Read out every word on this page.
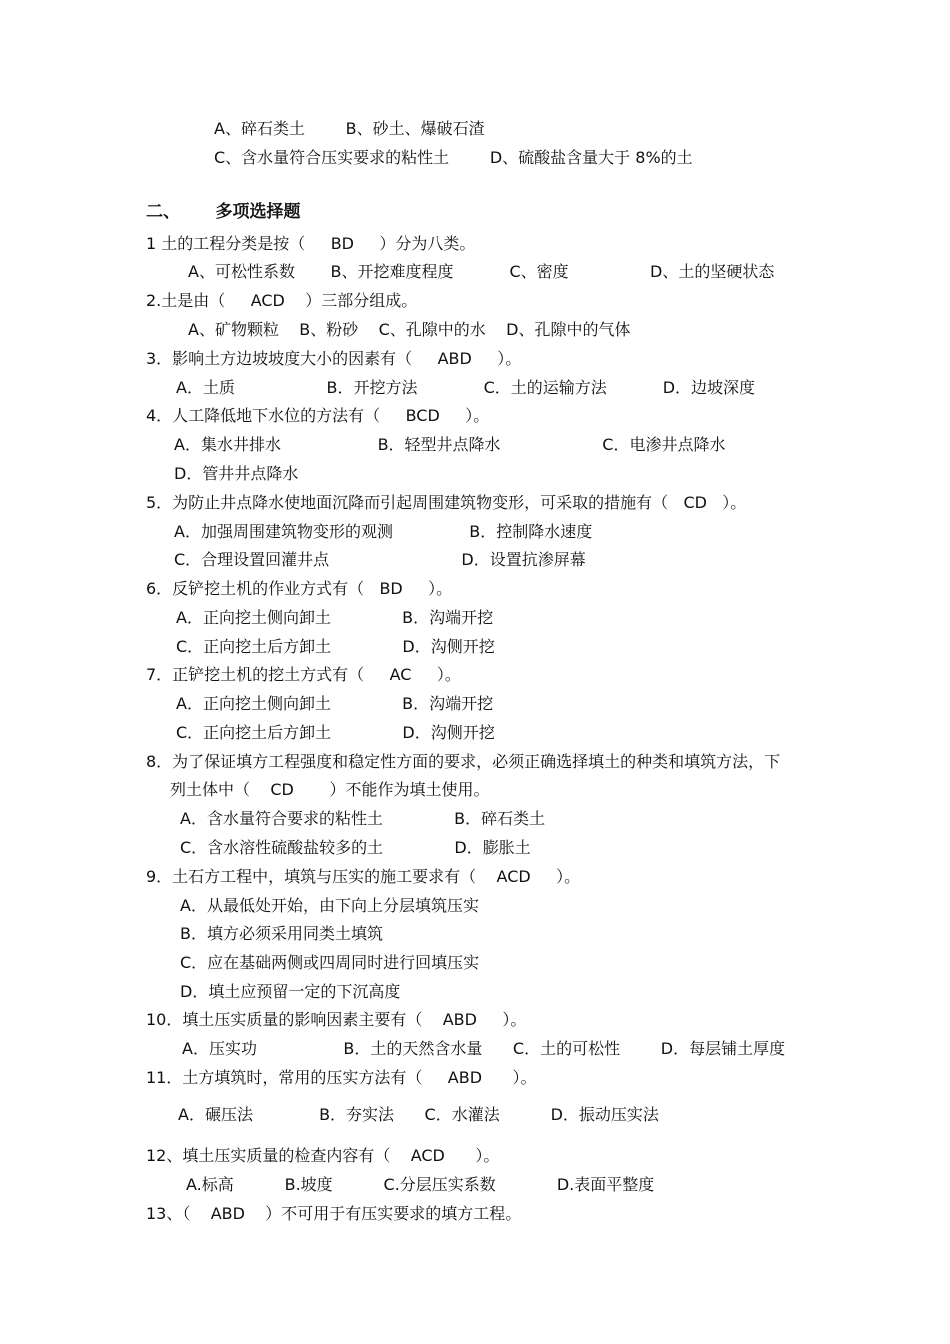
A、碎石类土        B、砂土、爆破石渣
C、含水量符合压实要求的粘性土        D、硫酸盐含量大于 8%的土
二、      多项选择题
1 土的工程分类是按（     BD     ）分为八类。
A、可松性系数       B、开挖难度程度           C、密度                D、土的坚硬状态
2.土是由（     ACD    ）三部分组成。
A、矿物颗粒    B、粉砂    C、孔隙中的水    D、孔隙中的气体
3．影响土方边坡坡度大小的因素有（     ABD     ）。
A．土质                  B．开挖方法             C．土的运输方法           D．边坡深度
4．人工降低地下水位的方法有（     BCD     ）。
A．集水井排水                   B．轻型井点降水                    C．电渗井点降水
D．管井井点降水
5．为防止井点降水使地面沉降而引起周围建筑物变形，可采取的措施有（   CD   ）。
A．加强周围建筑物变形的观测               B．控制降水速度
C．合理设置回灌井点                          D．设置抗渗屏幕
6．反铲挖土机的作业方式有（   BD     ）。
A．正向挖土侧向卸土              B．沟端开挖
C．正向挖土后方卸土              D．沟侧开挖
7．正铲挖土机的挖土方式有（     AC     ）。
A．正向挖土侧向卸土              B．沟端开挖
C．正向挖土后方卸土              D．沟侧开挖
8．为了保证填方工程强度和稳定性方面的要求，必须正确选择填土的种类和填筑方法，下
列土体中（    CD       ）不能作为填土使用。
A．含水量符合要求的粘性土              B．碎石类土
C．含水溶性硫酸盐较多的土              D．膨胀土
9．土石方工程中，填筑与压实的施工要求有（    ACD     ）。
A．从最低处开始，由下向上分层填筑压实
B．填方必须采用同类土填筑
C．应在基础两侧或四周同时进行回填压实
D．填土应预留一定的下沉高度
10．填土压实质量的影响因素主要有（    ABD     ）。
A．压实功                 B．土的天然含水量      C．土的可松性        D．每层铺土厚度
11．土方填筑时，常用的压实方法有（     ABD      ）。
A．碾压法             B．夯实法      C．水灌法          D．振动压实法
12、填土压实质量的检查内容有（    ACD      ）。
A.标高          B.坡度          C.分层压实系数            D.表面平整度
13、（    ABD    ）不可用于有压实要求的填方工程。
